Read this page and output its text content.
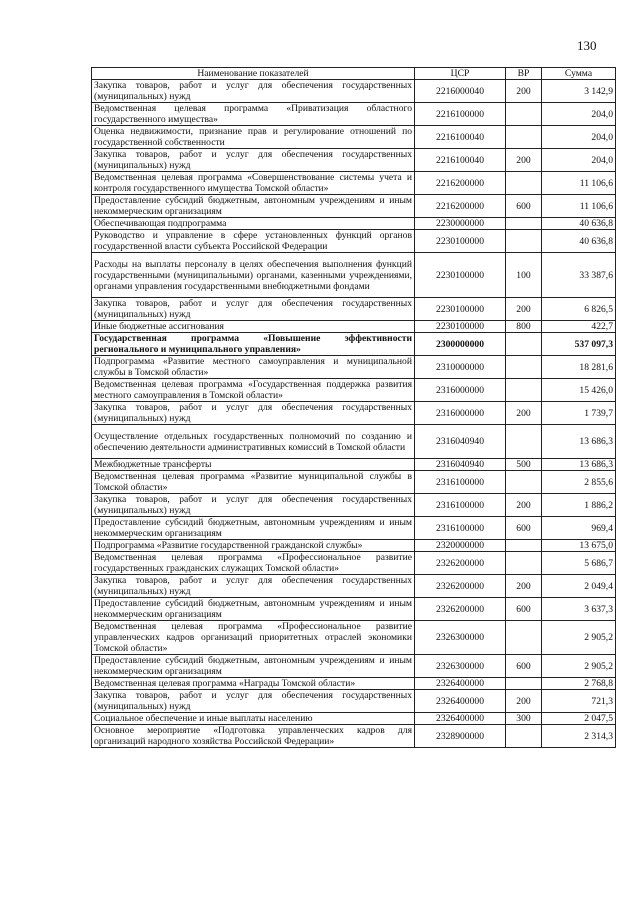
130
Наименование показателей	ЦСР	ВР	Сумма
Закупка товаров, работ и услуг для обеспечения государственных (муниципальных) нужд	2216000040	200	3 142,9
Ведомственная целевая программа «Приватизация областного государственного имущества»	2216100000		204,0
Оценка недвижимости, признание прав и регулирование отношений по государственной собственности	2216100040		204,0
Закупка товаров, работ и услуг для обеспечения государственных (муниципальных) нужд	2216100040	200	204,0
Ведомственная целевая программа «Совершенствование системы учета и контроля государственного имущества Томской области»	2216200000		11 106,6
Предоставление субсидий бюджетным, автономным учреждениям и иным некоммерческим организациям	2216200000	600	11 106,6
Обеспечивающая подпрограмма	2230000000		40 636,8
Руководство и управление в сфере установленных функций органов государственной власти субъекта Российской Федерации	2230100000		40 636,8
Расходы на выплаты персоналу в целях обеспечения выполнения функций государственными (муниципальными) органами, казенными учреждениями, органами управления государственными внебюджетными фондами	2230100000	100	33 387,6
Закупка товаров, работ и услуг для обеспечения государственных (муниципальных) нужд	2230100000	200	6 826,5
Иные бюджетные ассигнования	2230100000	800	422,7
Государственная программа «Повышение эффективности регионального и муниципального управления»	2300000000		537 097,3
Подпрограмма «Развитие местного самоуправления и муниципальной службы в Томской области»	2310000000		18 281,6
Ведомственная целевая программа «Государственная поддержка развития местного самоуправления в Томской области»	2316000000		15 426,0
Закупка товаров, работ и услуг для обеспечения государственных (муниципальных) нужд	2316000000	200	1 739,7
Осуществление отдельных государственных полномочий по созданию и обеспечению деятельности административных комиссий в Томской области	2316040940		13 686,3
Межбюджетные трансферты	2316040940	500	13 686,3
Ведомственная целевая программа «Развитие муниципальной службы в Томской области»	2316100000		2 855,6
Закупка товаров, работ и услуг для обеспечения государственных (муниципальных) нужд	2316100000	200	1 886,2
Предоставление субсидий бюджетным, автономным учреждениям и иным некоммерческим организациям	2316100000	600	969,4
Подпрограмма «Развитие государственной гражданской службы»	2320000000		13 675,0
Ведомственная целевая программа «Профессиональное развитие государственных гражданских служащих Томской области»	2326200000		5 686,7
Закупка товаров, работ и услуг для обеспечения государственных (муниципальных) нужд	2326200000	200	2 049,4
Предоставление субсидий бюджетным, автономным учреждениям и иным некоммерческим организациям	2326200000	600	3 637,3
Ведомственная целевая программа «Профессиональное развитие управленческих кадров организаций приоритетных отраслей экономики Томской области»	2326300000		2 905,2
Предоставление субсидий бюджетным, автономным учреждениям и иным некоммерческим организациям	2326300000	600	2 905,2
Ведомственная целевая программа «Награды Томской области»	2326400000		2 768,8
Закупка товаров, работ и услуг для обеспечения государственных (муниципальных) нужд	2326400000	200	721,3
Социальное обеспечение и иные выплаты населению	2326400000	300	2 047,5
Основное мероприятие «Подготовка управленческих кадров для организаций народного хозяйства Российской Федерации»	2328900000		2 314,3
